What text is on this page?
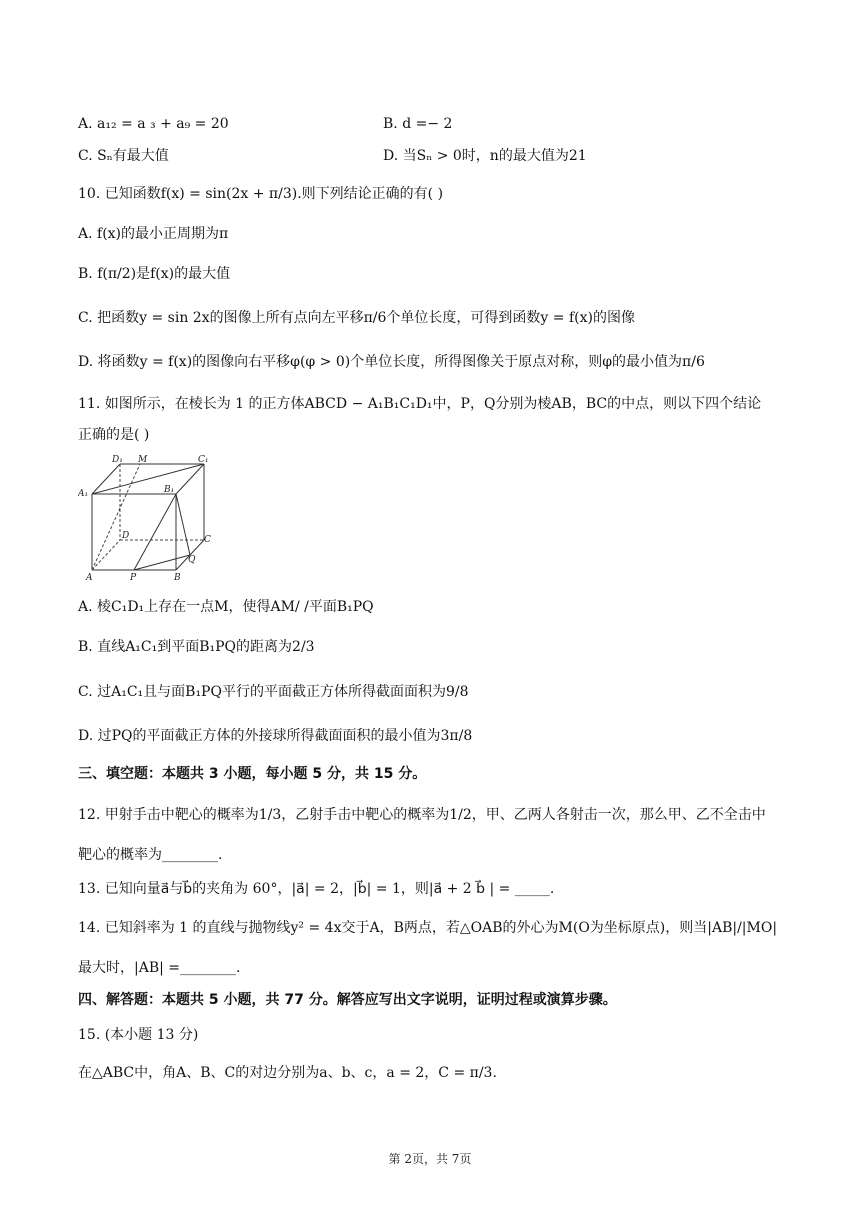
A. a₁₂ = a ₃ + a₉ = 20	B. d =− 2
C. Sₙ有最大值	D. 当Sₙ > 0时，n的最大值为21
10. 已知函数f(x) = sin(2x + π/3).则下列结论正确的有( )
A. f(x)的最小正周期为π
B. f(π/2)是f(x)的最大值
C. 把函数y = sin 2x的图像上所有点向左平移π/6个单位长度，可得到函数y = f(x)的图像
D. 将函数y = f(x)的图像向右平移φ(φ > 0)个单位长度，所得图像关于原点对称，则φ的最小值为π/6
11. 如图所示，在棱长为 1 的正方体ABCD − A₁B₁C₁D₁中，P，Q分别为棱AB，BC的中点，则以下四个结论
正确的是( )
D₁ M	C₁
A₁	B₁
D	C
Q
A	P	B
A. 棱C₁D₁上存在一点M，使得AM/ /平面B₁PQ
B. 直线A₁C₁到平面B₁PQ的距离为2/3
C. 过A₁C₁且与面B₁PQ平行的平面截正方体所得截面面积为9/8
D. 过PQ的平面截正方体的外接球所得截面面积的最小值为3π/8
三、填空题：本题共 3 小题，每小题 5 分，共 15 分。
12. 甲射手击中靶心的概率为1/3，乙射手击中靶心的概率为1/2，甲、乙两人各射击一次，那么甲、乙不全击中
靶心的概率为________.
13. 已知向量a⃗与b⃗的夹角为 60°，|a⃗| = 2，|b⃗| = 1，则|a⃗ + 2 b⃗ | = _____.
14. 已知斜率为 1 的直线与抛物线y² = 4x交于A，B两点，若△OAB的外心为M(O为坐标原点)，则当|AB|/|MO|
最大时，|AB| =________.
四、解答题：本题共 5 小题，共 77 分。解答应写出文字说明，证明过程或演算步骤。
15. (本小题 13 分)
在△ABC中，角A、B、C的对边分别为a、b、c，a = 2，C = π/3.
第 2页，共 7页
